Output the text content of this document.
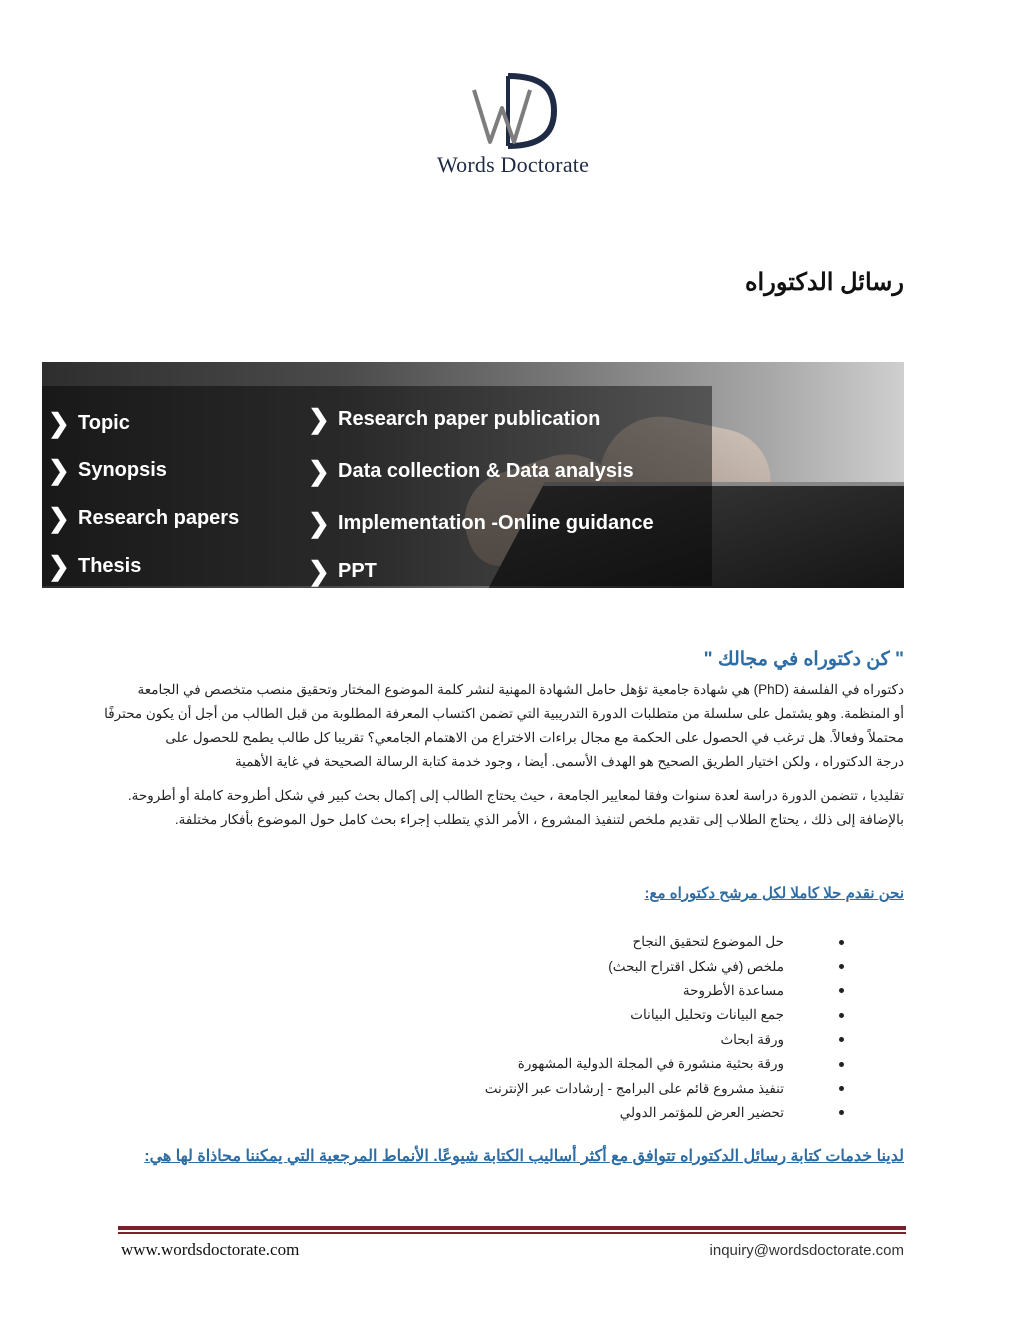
Words Doctorate
رسائل الدكتوراه
❯ Topic
❯ Synopsis
❯ Research papers
❯ Thesis
❯ Research paper publication
❯ Data collection & Data analysis
❯ Implementation -Online guidance
❯ PPT
" كن دكتوراه في مجالك "

دكتوراه في الفلسفة (PhD) هي شهادة جامعية تؤهل حامل الشهادة المهنية لنشر كلمة الموضوع المختار وتحقيق منصب متخصص في الجامعة

أو المنظمة. وهو يشتمل على سلسلة من متطلبات الدورة التدريبية التي تضمن اكتساب المعرفة المطلوبة من قبل الطالب من أجل أن يكون محترفًا

محتملاً وفعالاً. هل ترغب في الحصول على الحكمة مع مجال براءات الاختراع من الاهتمام الجامعي؟ تقريبا كل طالب يطمح للحصول على

درجة الدكتوراه ، ولكن اختيار الطريق الصحيح هو الهدف الأسمى. أيضا ، وجود خدمة كتابة الرسالة الصحيحة في غاية الأهمية

تقليديا ، تتضمن الدورة دراسة لعدة سنوات وفقا لمعايير الجامعة ، حيث يحتاج الطالب إلى إكمال بحث كبير في شكل أطروحة كاملة أو أطروحة.

بالإضافة إلى ذلك ، يحتاج الطلاب إلى تقديم ملخص لتنفيذ المشروع ، الأمر الذي يتطلب إجراء بحث كامل حول الموضوع بأفكار مختلفة.

نحن نقدم حلا كاملا لكل مرشح دكتوراه مع:
حل الموضوع لتحقيق النجاح
ملخص (في شكل اقتراح البحث)
مساعدة الأطروحة
جمع البيانات وتحليل البيانات
ورقة ابحاث
ورقة بحثية منشورة في المجلة الدولية المشهورة
تنفيذ مشروع قائم على البرامج - إرشادات عبر الإنترنت
تحضير العرض للمؤتمر الدولي
لدينا خدمات كتابة رسائل الدكتوراه تتوافق مع أكثر أساليب الكتابة شيوعًا. الأنماط المرجعية التي يمكننا محاذاة لها هي:
www.wordsdoctorate.com	inquiry@wordsdoctorate.com
